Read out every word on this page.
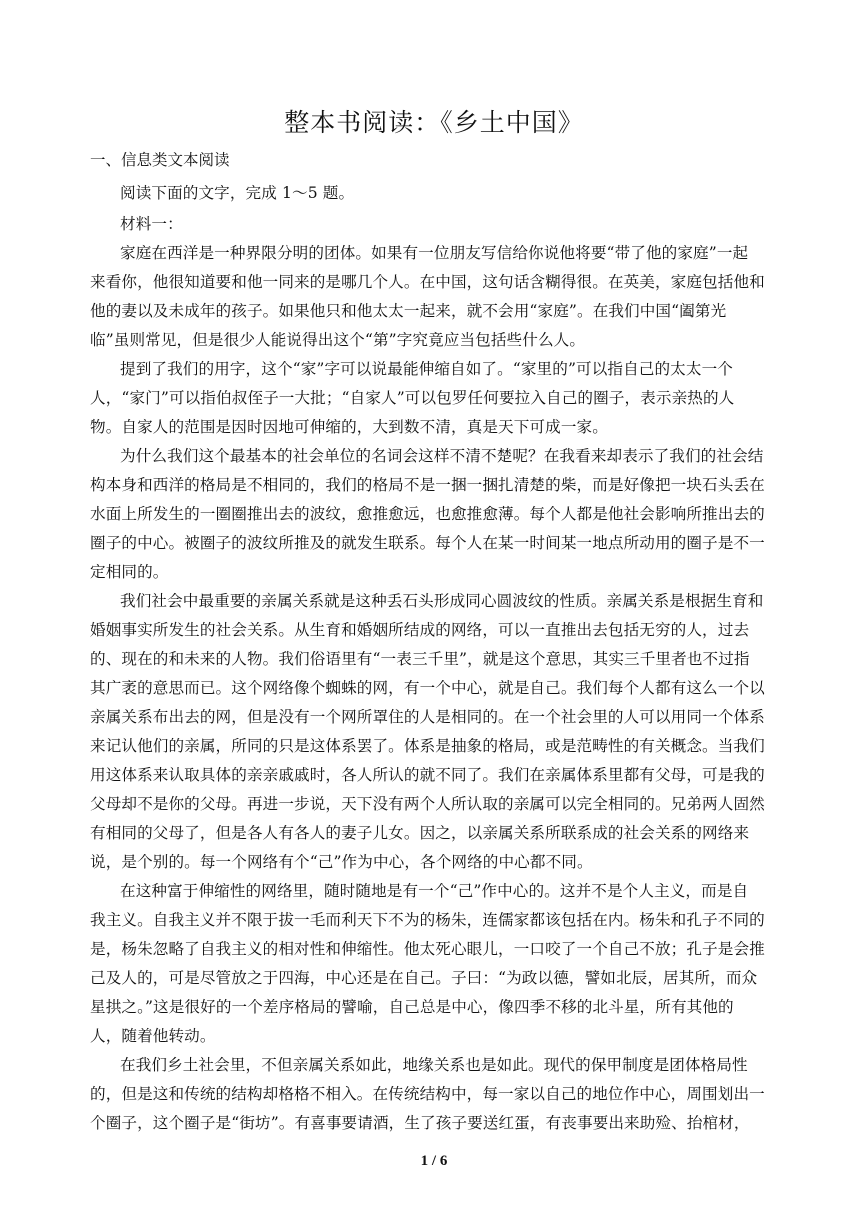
整本书阅读：《乡土中国》
一、信息类文本阅读
阅读下面的文字，完成 1～5 题。
材料一：
家庭在西洋是一种界限分明的团体。如果有一位朋友写信给你说他将要“带了他的家庭”一起
来看你，他很知道要和他一同来的是哪几个人。在中国，这句话含糊得很。在英美，家庭包括他和
他的妻以及未成年的孩子。如果他只和他太太一起来，就不会用“家庭”。在我们中国“阖第光
临”虽则常见，但是很少人能说得出这个“第”字究竟应当包括些什么人。
提到了我们的用字，这个“家”字可以说最能伸缩自如了。“家里的”可以指自己的太太一个
人，“家门”可以指伯叔侄子一大批；“自家人”可以包罗任何要拉入自己的圈子，表示亲热的人
物。自家人的范围是因时因地可伸缩的，大到数不清，真是天下可成一家。
为什么我们这个最基本的社会单位的名词会这样不清不楚呢？在我看来却表示了我们的社会结
构本身和西洋的格局是不相同的，我们的格局不是一捆一捆扎清楚的柴，而是好像把一块石头丢在
水面上所发生的一圈圈推出去的波纹，愈推愈远，也愈推愈薄。每个人都是他社会影响所推出去的
圈子的中心。被圈子的波纹所推及的就发生联系。每个人在某一时间某一地点所动用的圈子是不一
定相同的。
我们社会中最重要的亲属关系就是这种丢石头形成同心圆波纹的性质。亲属关系是根据生育和
婚姻事实所发生的社会关系。从生育和婚姻所结成的网络，可以一直推出去包括无穷的人，过去
的、现在的和未来的人物。我们俗语里有“一表三千里”，就是这个意思，其实三千里者也不过指
其广袤的意思而已。这个网络像个蜘蛛的网，有一个中心，就是自己。我们每个人都有这么一个以
亲属关系布出去的网，但是没有一个网所罩住的人是相同的。在一个社会里的人可以用同一个体系
来记认他们的亲属，所同的只是这体系罢了。体系是抽象的格局，或是范畴性的有关概念。当我们
用这体系来认取具体的亲亲戚戚时，各人所认的就不同了。我们在亲属体系里都有父母，可是我的
父母却不是你的父母。再进一步说，天下没有两个人所认取的亲属可以完全相同的。兄弟两人固然
有相同的父母了，但是各人有各人的妻子儿女。因之，以亲属关系所联系成的社会关系的网络来
说，是个别的。每一个网络有个“己”作为中心，各个网络的中心都不同。
在这种富于伸缩性的网络里，随时随地是有一个“己”作中心的。这并不是个人主义，而是自
我主义。自我主义并不限于拔一毛而利天下不为的杨朱，连儒家都该包括在内。杨朱和孔子不同的
是，杨朱忽略了自我主义的相对性和伸缩性。他太死心眼儿，一口咬了一个自己不放；孔子是会推
己及人的，可是尽管放之于四海，中心还是在自己。子曰：“为政以德，譬如北辰，居其所，而众
星拱之。”这是很好的一个差序格局的譬喻，自己总是中心，像四季不移的北斗星，所有其他的
人，随着他转动。
在我们乡土社会里，不但亲属关系如此，地缘关系也是如此。现代的保甲制度是团体格局性
的，但是这和传统的结构却格格不相入。在传统结构中，每一家以自己的地位作中心，周围划出一
个圈子，这个圈子是“街坊”。有喜事要请酒，生了孩子要送红蛋，有丧事要出来助殓、抬棺材，
1 / 6
